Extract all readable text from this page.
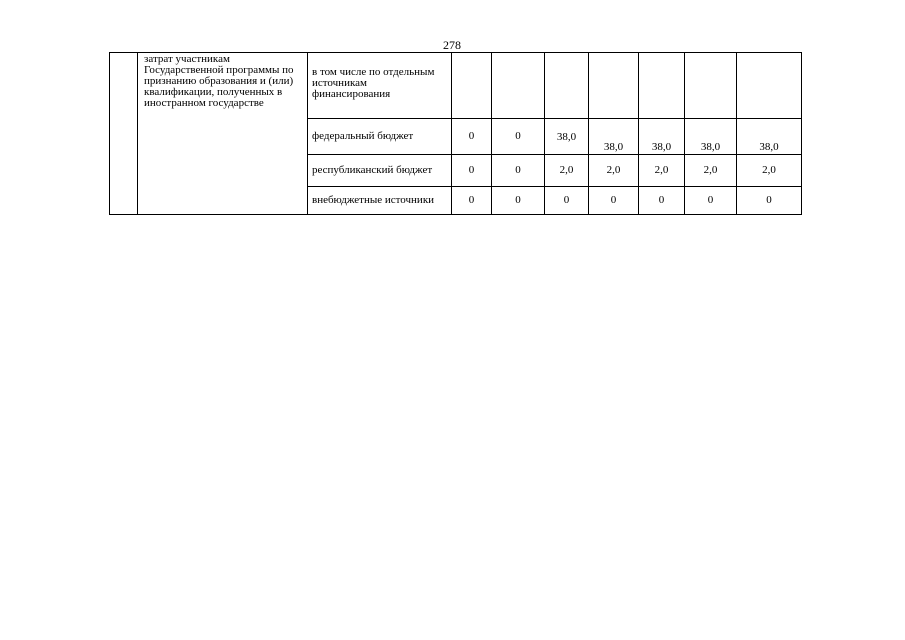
278
	затрат участникам Государственной программы по признанию образования и (или) квалификации, полученных в иностранном государстве	в том числе по отдельным источникам финансирования							
		федеральный бюджет	0	0	38,0	38,0	38,0	38,0	38,0
		республиканский бюджет	0	0	2,0	2,0	2,0	2,0	2,0
		внебюджетные источники	0	0	0	0	0	0	0
